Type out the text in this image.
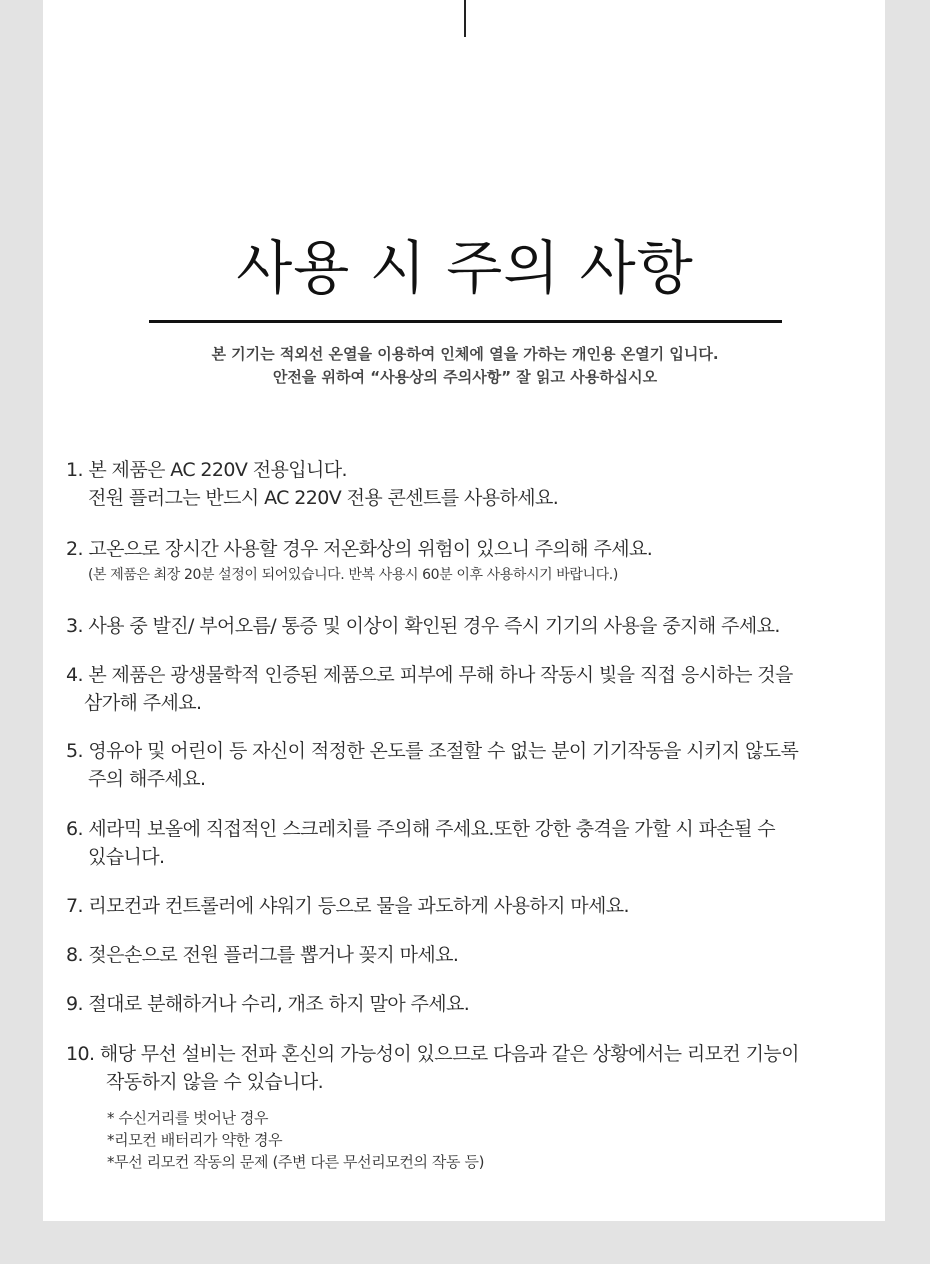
사용 시 주의 사항
본 기기는 적외선 온열을 이용하여 인체에 열을 가하는 개인용 온열기 입니다.
안전을 위하여 “사용상의 주의사항” 잘 읽고 사용하십시오
1. 본 제품은 AC 220V 전용입니다.
전원 플러그는 반드시 AC 220V 전용 콘센트를 사용하세요.
2. 고온으로 장시간 사용할 경우 저온화상의 위험이 있으니 주의해 주세요.
(본 제품은 최장 20분 설정이 되어있습니다. 반복 사용시 60분 이후 사용하시기 바랍니다.)
3. 사용 중 발진/ 부어오름/ 통증 및 이상이 확인된 경우 즉시 기기의 사용을 중지해 주세요.
4. 본 제품은 광생물학적 인증된 제품으로 피부에 무해 하나 작동시 빛을 직접 응시하는 것을
삼가해 주세요.
5. 영유아 및 어린이 등 자신이 적정한 온도를 조절할 수 없는 분이 기기작동을 시키지 않도록
주의 해주세요.
6. 세라믹 보올에 직접적인 스크레치를 주의해 주세요.또한 강한 충격을 가할 시 파손될 수
있습니다.
7. 리모컨과 컨트롤러에 샤워기 등으로 물을 과도하게 사용하지 마세요.
8. 젖은손으로 전원 플러그를 뽑거나 꽂지 마세요.
9. 절대로 분해하거나 수리, 개조 하지 말아 주세요.
10. 해당 무선 설비는 전파 혼신의 가능성이 있으므로 다음과 같은 상황에서는 리모컨 기능이
작동하지 않을 수 있습니다.
* 수신거리를 벗어난 경우
*리모컨 배터리가 약한 경우
*무선 리모컨 작동의 문제 (주변 다른 무선리모컨의 작동 등)
